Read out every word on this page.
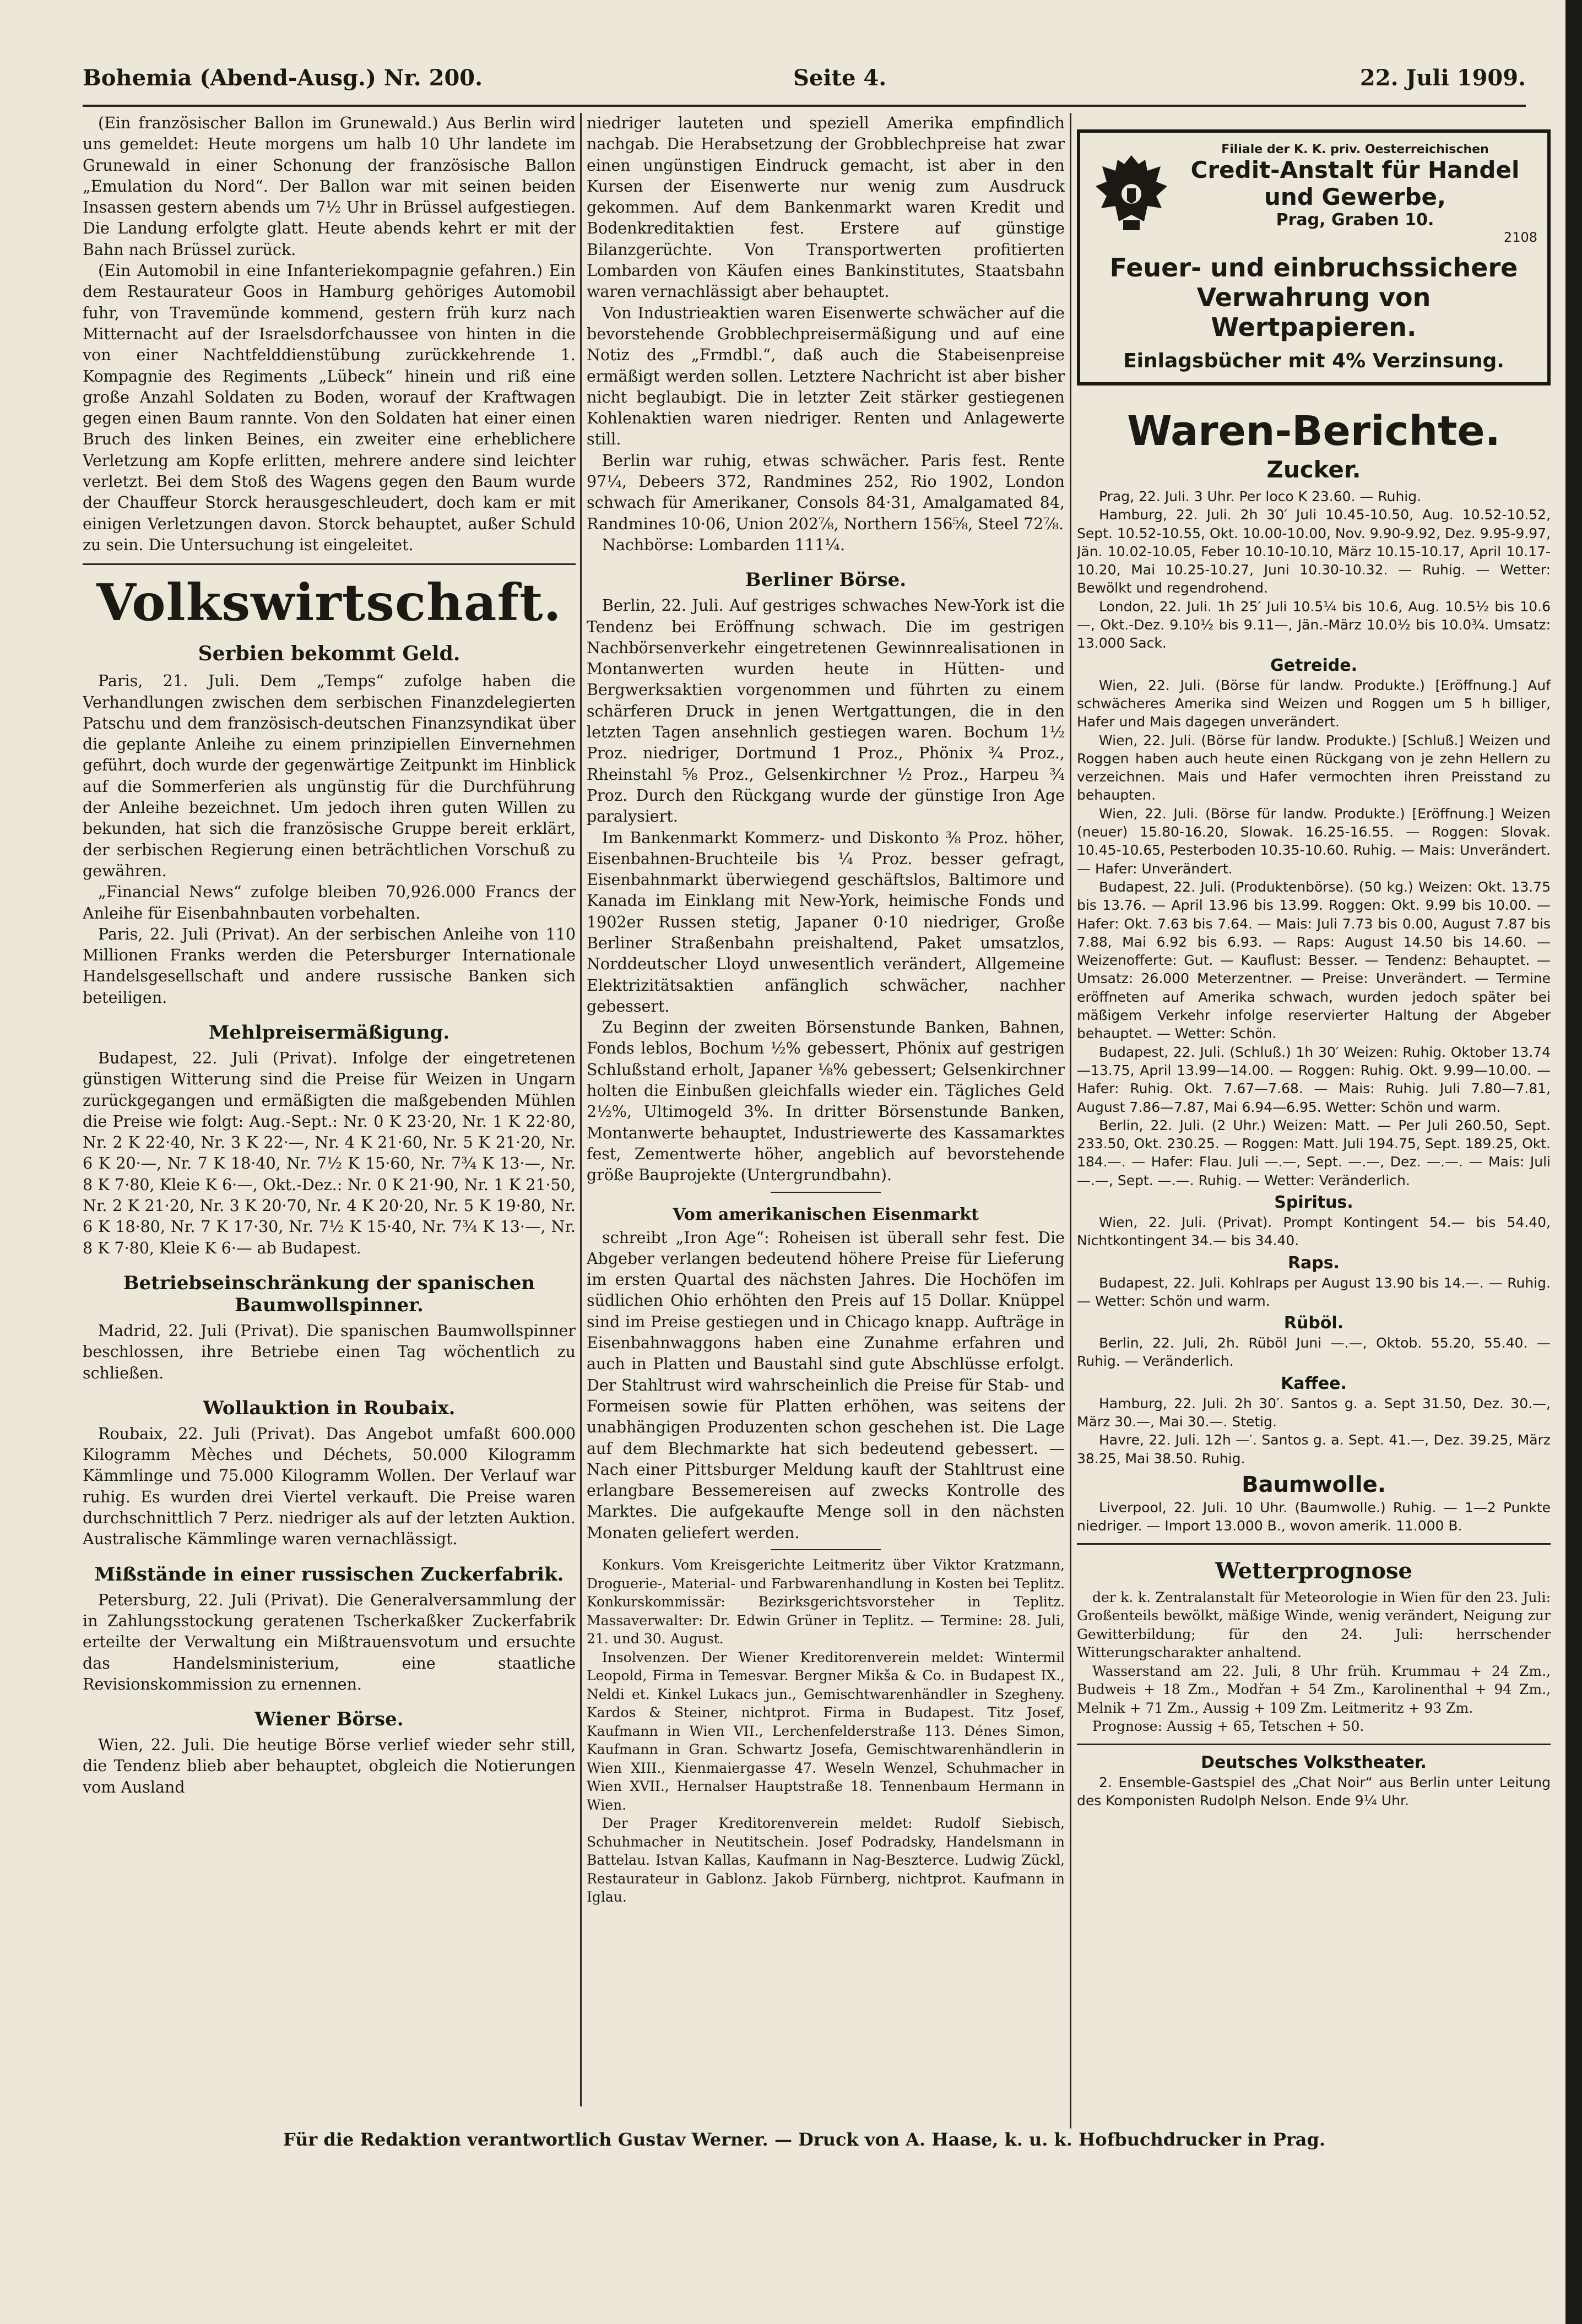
Bohemia (Abend-Ausg.) Nr. 200.	Seite 4.	22. Juli 1909.

(Ein französischer Ballon im Grunewald.) Aus Berlin wird uns gemeldet: Heute morgens um halb 10 Uhr landete im Grunewald in einer Schonung der französische Ballon „Emulation du Nord“. Der Ballon war mit seinen beiden Insassen gestern abends um 7½ Uhr in Brüssel aufgestiegen. Die Landung erfolgte glatt. Heute abends kehrt er mit der Bahn nach Brüssel zurück.

(Ein Automobil in eine Infanteriekompagnie gefahren.) Ein dem Restaurateur Goos in Hamburg gehöriges Automobil fuhr, von Travemünde kommend, gestern früh kurz nach Mitternacht auf der Israelsdorfchaussee von hinten in die von einer Nachtfelddienstübung zurückkehrende 1. Kompagnie des Regiments „Lübeck“ hinein und riß eine große Anzahl Soldaten zu Boden, worauf der Kraftwagen gegen einen Baum rannte. Von den Soldaten hat einer einen Bruch des linken Beines, ein zweiter eine erheblichere Verletzung am Kopfe erlitten, mehrere andere sind leichter verletzt. Bei dem Stoß des Wagens gegen den Baum wurde der Chauffeur Storck herausgeschleudert, doch kam er mit einigen Verletzungen davon. Storck behauptet, außer Schuld zu sein. Die Untersuchung ist eingeleitet.

Volkswirtschaft.
Serbien bekommt Geld.

Paris, 21. Juli. Dem „Temps“ zufolge haben die Verhandlungen zwischen dem serbischen Finanzdelegierten Patschu und dem französisch-deutschen Finanzsyndikat über die geplante Anleihe zu einem prinzipiellen Einvernehmen geführt, doch wurde der gegenwärtige Zeitpunkt im Hinblick auf die Sommerferien als ungünstig für die Durchführung der Anleihe bezeichnet. Um jedoch ihren guten Willen zu bekunden, hat sich die französische Gruppe bereit erklärt, der serbischen Regierung einen beträchtlichen Vorschuß zu gewähren.

„Financial News“ zufolge bleiben 70,926.000 Francs der Anleihe für Eisenbahnbauten vorbehalten.

Paris, 22. Juli (Privat). An der serbischen Anleihe von 110 Millionen Franks werden die Petersburger Internationale Handelsgesellschaft und andere russische Banken sich beteiligen.

Mehlpreisermäßigung.

Budapest, 22. Juli (Privat). Infolge der eingetretenen günstigen Witterung sind die Preise für Weizen in Ungarn zurückgegangen und ermäßigten die maßgebenden Mühlen die Preise wie folgt: Aug.-Sept.: Nr. 0 K 23·20, Nr. 1 K 22·80, Nr. 2 K 22·40, Nr. 3 K 22·—, Nr. 4 K 21·60, Nr. 5 K 21·20, Nr. 6 K 20·—, Nr. 7 K 18·40, Nr. 7½ K 15·60, Nr. 7¾ K 13·—, Nr. 8 K 7·80, Kleie K 6·—, Okt.-Dez.: Nr. 0 K 21·90, Nr. 1 K 21·50, Nr. 2 K 21·20, Nr. 3 K 20·70, Nr. 4 K 20·20, Nr. 5 K 19·80, Nr. 6 K 18·80, Nr. 7 K 17·30, Nr. 7½ K 15·40, Nr. 7¾ K 13·—, Nr. 8 K 7·80, Kleie K 6·— ab Budapest.

Betriebseinschränkung der spanischen Baumwollspinner.

Madrid, 22. Juli (Privat). Die spanischen Baumwollspinner beschlossen, ihre Betriebe einen Tag wöchentlich zu schließen.

Wollauktion in Roubaix.

Roubaix, 22. Juli (Privat). Das Angebot umfaßt 600.000 Kilogramm Mèches und Déchets, 50.000 Kilogramm Kämmlinge und 75.000 Kilogramm Wollen. Der Verlauf war ruhig. Es wurden drei Viertel verkauft. Die Preise waren durchschnittlich 7 Perz. niedriger als auf der letzten Auktion. Australische Kämmlinge waren vernachlässigt.

Mißstände in einer russischen Zuckerfabrik.

Petersburg, 22. Juli (Privat). Die Generalversammlung der in Zahlungsstockung geratenen Tscherkaßker Zuckerfabrik erteilte der Verwaltung ein Mißtrauensvotum und ersuchte das Handelsministerium, eine staatliche Revisionskommission zu ernennen.

Wiener Börse.

Wien, 22. Juli. Die heutige Börse verlief wieder sehr still, die Tendenz blieb aber behauptet, obgleich die Notierungen vom Ausland

niedriger lauteten und speziell Amerika empfindlich nachgab. Die Herabsetzung der Grobblechpreise hat zwar einen ungünstigen Eindruck gemacht, ist aber in den Kursen der Eisenwerte nur wenig zum Ausdruck gekommen. Auf dem Bankenmarkt waren Kredit und Bodenkreditaktien fest. Erstere auf günstige Bilanzgerüchte. Von Transportwerten profitierten Lombarden von Käufen eines Bankinstitutes, Staatsbahn waren vernachlässigt aber behauptet.

Von Industrieaktien waren Eisenwerte schwächer auf die bevorstehende Grobblechpreisermäßigung und auf eine Notiz des „Frmdbl.“, daß auch die Stabeisenpreise ermäßigt werden sollen. Letztere Nachricht ist aber bisher nicht beglaubigt. Die in letzter Zeit stärker gestiegenen Kohlenaktien waren niedriger. Renten und Anlagewerte still.

Berlin war ruhig, etwas schwächer. Paris fest. Rente 97¼, Debeers 372, Randmines 252, Rio 1902, London schwach für Amerikaner, Consols 84·31, Amalgamated 84, Randmines 10·06, Union 202⅞, Northern 156⅝, Steel 72⅞.

Nachbörse: Lombarden 111¼.

Berliner Börse.

Berlin, 22. Juli. Auf gestriges schwaches New-York ist die Tendenz bei Eröffnung schwach. Die im gestrigen Nachbörsenverkehr eingetretenen Gewinnrealisationen in Montanwerten wurden heute in Hütten- und Bergwerksaktien vorgenommen und führten zu einem schärferen Druck in jenen Wertgattungen, die in den letzten Tagen ansehnlich gestiegen waren. Bochum 1½ Proz. niedriger, Dortmund 1 Proz., Phönix ¾ Proz., Rheinstahl ⅝ Proz., Gelsenkirchner ½ Proz., Harpeu ¾ Proz. Durch den Rückgang wurde der günstige Iron Age paralysiert.

Im Bankenmarkt Kommerz- und Diskonto ⅜ Proz. höher, Eisenbahnen-Bruchteile bis ¼ Proz. besser gefragt, Eisenbahnmarkt überwiegend geschäftslos, Baltimore und Kanada im Einklang mit New-York, heimische Fonds und 1902er Russen stetig, Japaner 0·10 niedriger, Große Berliner Straßenbahn preishaltend, Paket umsatzlos, Norddeutscher Lloyd unwesentlich verändert, Allgemeine Elektrizitätsaktien anfänglich schwächer, nachher gebessert.

Zu Beginn der zweiten Börsenstunde Banken, Bahnen, Fonds leblos, Bochum ½% gebessert, Phönix auf gestrigen Schlußstand erholt, Japaner ⅛% gebessert; Gelsenkirchner holten die Einbußen gleichfalls wieder ein. Tägliches Geld 2½%, Ultimogeld 3%. In dritter Börsenstunde Banken, Montanwerte behauptet, Industriewerte des Kassamarktes fest, Zementwerte höher, angeblich auf bevorstehende größe Bauprojekte (Untergrundbahn).

Vom amerikanischen Eisenmarkt

schreibt „Iron Age“: Roheisen ist überall sehr fest. Die Abgeber verlangen bedeutend höhere Preise für Lieferung im ersten Quartal des nächsten Jahres. Die Hochöfen im südlichen Ohio erhöhten den Preis auf 15 Dollar. Knüppel sind im Preise gestiegen und in Chicago knapp. Aufträge in Eisenbahnwaggons haben eine Zunahme erfahren und auch in Platten und Baustahl sind gute Abschlüsse erfolgt. Der Stahltrust wird wahrscheinlich die Preise für Stab- und Formeisen sowie für Platten erhöhen, was seitens der unabhängigen Produzenten schon geschehen ist. Die Lage auf dem Blechmarkte hat sich bedeutend gebessert. — Nach einer Pittsburger Meldung kauft der Stahltrust eine erlangbare Bessemereisen auf zwecks Kontrolle des Marktes. Die aufgekaufte Menge soll in den nächsten Monaten geliefert werden.

Konkurs. Vom Kreisgerichte Leitmeritz über Viktor Kratzmann, Droguerie-, Material- und Farbwarenhandlung in Kosten bei Teplitz. Konkurskommissär: Bezirksgerichtsvorsteher in Teplitz. Massaverwalter: Dr. Edwin Grüner in Teplitz. — Termine: 28. Juli, 21. und 30. August.

Insolvenzen. Der Wiener Kreditorenverein meldet: Wintermil Leopold, Firma in Temesvar. Bergner Mikša & Co. in Budapest IX., Neldi et. Kinkel Lukacs jun., Gemischtwarenhändler in Szegheny. Kardos & Steiner, nichtprot. Firma in Budapest. Titz Josef, Kaufmann in Wien VII., Lerchenfelderstraße 113. Dénes Simon, Kaufmann in Gran. Schwartz Josefa, Gemischtwarenhändlerin in Wien XIII., Kienmaiergasse 47. Weseln Wenzel, Schuhmacher in Wien XVII., Hernalser Hauptstraße 18. Tennenbaum Hermann in Wien.

Der Prager Kreditorenverein meldet: Rudolf Siebisch, Schuhmacher in Neutitschein. Josef Podradsky, Handelsmann in Battelau. Istvan Kallas, Kaufmann in Nag-Beszterce. Ludwig Zückl, Restaurateur in Gablonz. Jakob Fürnberg, nichtprot. Kaufmann in Iglau.

Filiale der K. K. priv. Oesterreichischen
Credit-Anstalt für Handel und Gewerbe,
Prag, Graben 10.
2108
Feuer- und einbruchssichere Verwahrung von Wertpapieren.
Einlagsbücher mit 4% Verzinsung.
Waren-Berichte.
Zucker.

Prag, 22. Juli. 3 Uhr. Per loco K 23.60. — Ruhig.

Hamburg, 22. Juli. 2h 30′ Juli 10.45-10.50, Aug. 10.52-10.52, Sept. 10.52-10.55, Okt. 10.00-10.00, Nov. 9.90-9.92, Dez. 9.95-9.97, Jän. 10.02-10.05, Feber 10.10-10.10, März 10.15-10.17, April 10.17-10.20, Mai 10.25-10.27, Juni 10.30-10.32. — Ruhig. — Wetter: Bewölkt und regendrohend.

London, 22. Juli. 1h 25′ Juli 10.5¼ bis 10.6, Aug. 10.5½ bis 10.6—, Okt.-Dez. 9.10½ bis 9.11—, Jän.-März 10.0½ bis 10.0¾. Umsatz: 13.000 Sack.

Getreide.

Wien, 22. Juli. (Börse für landw. Produkte.) [Eröffnung.] Auf schwächeres Amerika sind Weizen und Roggen um 5 h billiger, Hafer und Mais dagegen unverändert.

Wien, 22. Juli. (Börse für landw. Produkte.) [Schluß.] Weizen und Roggen haben auch heute einen Rückgang von je zehn Hellern zu verzeichnen. Mais und Hafer vermochten ihren Preisstand zu behaupten.

Wien, 22. Juli. (Börse für landw. Produkte.) [Eröffnung.] Weizen (neuer) 15.80-16.20, Slowak. 16.25-16.55. — Roggen: Slovak. 10.45-10.65, Pesterboden 10.35-10.60. Ruhig. — Mais: Unverändert. — Hafer: Unverändert.

Budapest, 22. Juli. (Produktenbörse). (50 kg.) Weizen: Okt. 13.75 bis 13.76. — April 13.96 bis 13.99. Roggen: Okt. 9.99 bis 10.00. — Hafer: Okt. 7.63 bis 7.64. — Mais: Juli 7.73 bis 0.00, August 7.87 bis 7.88, Mai 6.92 bis 6.93. — Raps: August 14.50 bis 14.60. — Weizenofferte: Gut. — Kauflust: Besser. — Tendenz: Behauptet. — Umsatz: 26.000 Meterzentner. — Preise: Unverändert. — Termine eröffneten auf Amerika schwach, wurden jedoch später bei mäßigem Verkehr infolge reservierter Haltung der Abgeber behauptet. — Wetter: Schön.

Budapest, 22. Juli. (Schluß.) 1h 30′ Weizen: Ruhig. Oktober 13.74—13.75, April 13.99—14.00. — Roggen: Ruhig. Okt. 9.99—10.00. — Hafer: Ruhig. Okt. 7.67—7.68. — Mais: Ruhig. Juli 7.80—7.81, August 7.86—7.87, Mai 6.94—6.95. Wetter: Schön und warm.

Berlin, 22. Juli. (2 Uhr.) Weizen: Matt. — Per Juli 260.50, Sept. 233.50, Okt. 230.25. — Roggen: Matt. Juli 194.75, Sept. 189.25, Okt. 184.—. — Hafer: Flau. Juli —.—, Sept. —.—, Dez. —.—. — Mais: Juli —.—, Sept. —.—. Ruhig. — Wetter: Veränderlich.

Spiritus.

Wien, 22. Juli. (Privat). Prompt Kontingent 54.— bis 54.40, Nichtkontingent 34.— bis 34.40.

Raps.

Budapest, 22. Juli. Kohlraps per August 13.90 bis 14.—. — Ruhig. — Wetter: Schön und warm.

Rüböl.

Berlin, 22. Juli, 2h. Rüböl Juni —.—, Oktob. 55.20, 55.40. — Ruhig. — Veränderlich.

Kaffee.

Hamburg, 22. Juli. 2h 30′. Santos g. a. Sept 31.50, Dez. 30.—, März 30.—, Mai 30.—. Stetig.

Havre, 22. Juli. 12h —′. Santos g. a. Sept. 41.—, Dez. 39.25, März 38.25, Mai 38.50. Ruhig.

Baumwolle.

Liverpool, 22. Juli. 10 Uhr. (Baumwolle.) Ruhig. — 1—2 Punkte niedriger. — Import 13.000 B., wovon amerik. 11.000 B.

Wetterprognose

der k. k. Zentralanstalt für Meteorologie in Wien für den 23. Juli: Großenteils bewölkt, mäßige Winde, wenig verändert, Neigung zur Gewitterbildung; für den 24. Juli: herrschender Witterungscharakter anhaltend.

Wasserstand am 22. Juli, 8 Uhr früh. Krummau + 24 Zm., Budweis + 18 Zm., Modřan + 54 Zm., Karolinenthal + 94 Zm., Melnik + 71 Zm., Aussig + 109 Zm. Leitmeritz + 93 Zm.

Prognose: Aussig + 65, Tetschen + 50.

Deutsches Volkstheater.

2. Ensemble-Gastspiel des „Chat Noir“ aus Berlin unter Leitung des Komponisten Rudolph Nelson. Ende 9¼ Uhr.

Für die Redaktion verantwortlich Gustav Werner. — Druck von A. Haase, k. u. k. Hofbuchdrucker in Prag.
